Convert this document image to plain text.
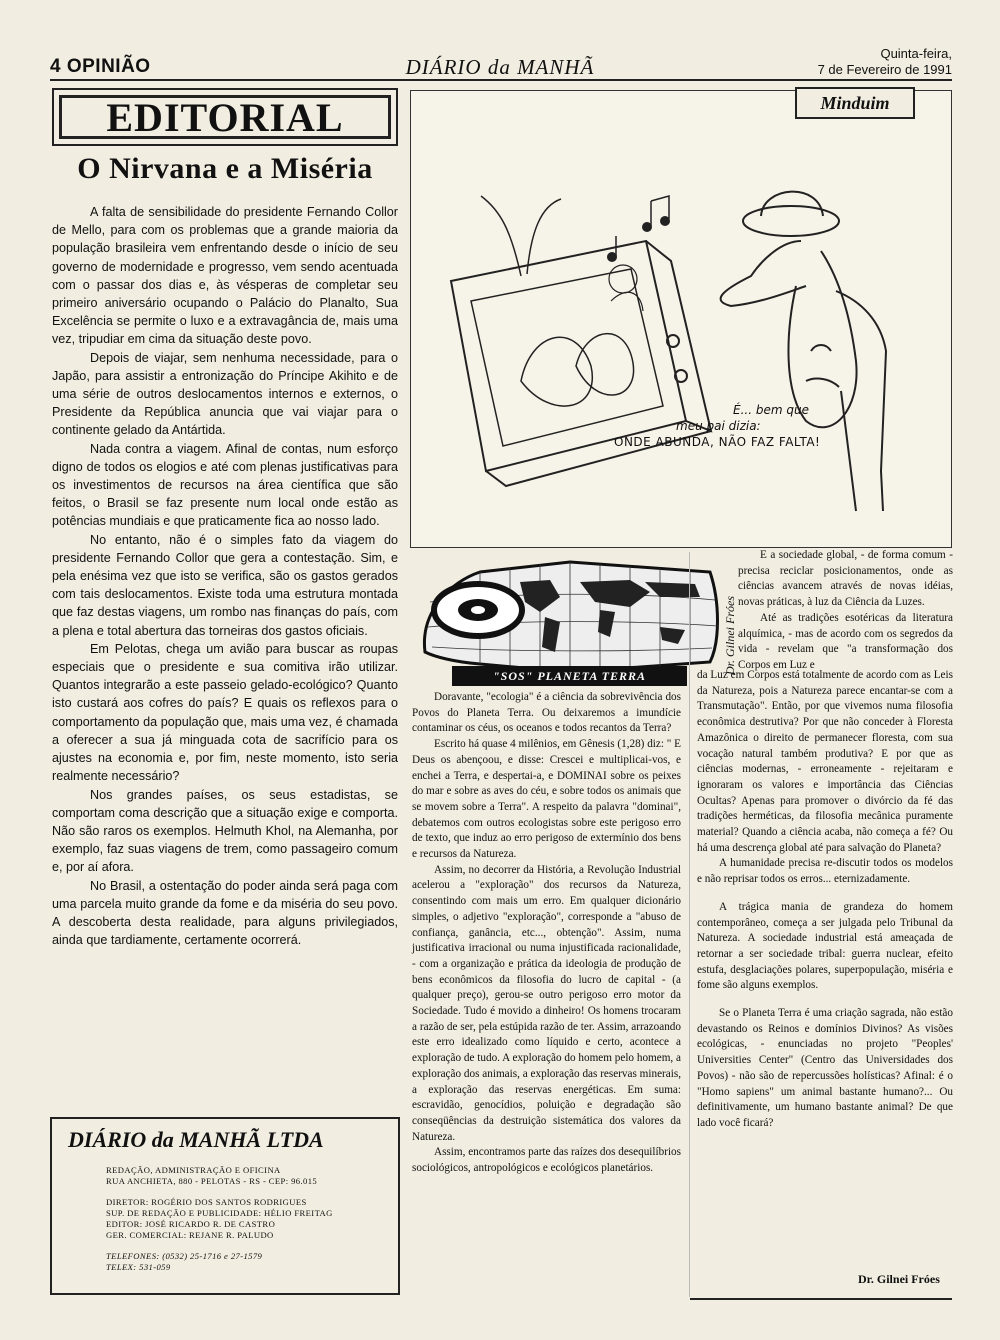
4 OPINIÃO	DIÁRIO da MANHÃ
Quinta-feira,
7 de Fevereiro de 1991
EDITORIAL
O Nirvana e a Miséria

A falta de sensibilidade do presidente Fernando Collor de Mello, para com os problemas que a grande maioria da população brasileira vem enfrentando desde o início de seu governo de modernidade e progresso, vem sendo acentuada com o passar dos dias e, às vésperas de completar seu primeiro aniversário ocupando o Palácio do Planalto, Sua Excelência se permite o luxo e a extravagância de, mais uma vez, tripudiar em cima da situação deste povo.

Depois de viajar, sem nenhuma necessidade, para o Japão, para assistir a entronização do Príncipe Akihito e de uma série de outros deslocamentos internos e externos, o Presidente da República anuncia que vai viajar para o continente gelado da Antártida.

Nada contra a viagem. Afinal de contas, num esforço digno de todos os elogios e até com plenas justificativas para os investimentos de recursos na área científica que são feitos, o Brasil se faz presente num local onde estão as potências mundiais e que praticamente fica ao nosso lado.

No entanto, não é o simples fato da viagem do presidente Fernando Collor que gera a contestação. Sim, e pela enésima vez que isto se verifica, são os gastos gerados com tais deslocamentos. Existe toda uma estrutura montada que faz destas viagens, um rombo nas finanças do país, com a plena e total abertura das torneiras dos gastos oficiais.

Em Pelotas, chega um avião para buscar as roupas especiais que o presidente e sua comitiva irão utilizar. Quantos integrarão a este passeio gelado-ecológico? Quanto isto custará aos cofres do país? E quais os reflexos para o comportamento da população que, mais uma vez, é chamada a oferecer a sua já minguada cota de sacrifício para os ajustes na economia e, por fim, neste momento, isto seria realmente necessário?

Nos grandes países, os seus estadistas, se comportam coma descrição que a situação exige e comporta. Não são raros os exemplos. Helmuth Khol, na Alemanha, por exemplo, faz suas viagens de trem, como passageiro comum e, por aí afora.

No Brasil, a ostentação do poder ainda será paga com uma parcela muito grande da fome e da miséria do seu povo. A descoberta desta realidade, para alguns privilegiados, ainda que tardiamente, certamente ocorrerá.

DIÁRIO da MANHÃ LTDA
REDAÇÃO, ADMINISTRAÇÃO E OFICINA
RUA ANCHIETA, 880 - PELOTAS - RS - CEP: 96.015
DIRETOR: ROGÉRIO DOS SANTOS RODRIGUES
SUP. DE REDAÇÃO E PUBLICIDADE: HÉLIO FREITAG
EDITOR: JOSÉ RICARDO R. DE CASTRO
GER. COMERCIAL: REJANE R. PALUDO
TELEFONES: (0532) 25-1716 e 27-1579
TELEX: 531-059
É... bem que
meu pai dizia:
ONDE ABUNDA, NÃO FAZ FALTA!
Minduim
"SOS" PLANETA TERRA
Dr. Gilnei Fróes

E a sociedade global, - de forma comum - precisa reciclar posicionamentos, onde as ciências avancem através de novas idéias, novas práticas, à luz da Ciência da Luzes.

Até as tradições esotéricas da literatura alquímica, - mas de acordo com os segredos da vida - revelam que "a transformação dos Corpos em Luz e

Doravante, "ecologia" é a ciência da sobrevivência dos Povos do Planeta Terra. Ou deixaremos a imundície contaminar os céus, os oceanos e todos recantos da Terra?

Escrito há quase 4 milênios, em Gênesis (1,28) diz: " E Deus os abençoou, e disse: Crescei e multiplicai-vos, e enchei a Terra, e despertai-a, e DOMINAI sobre os peixes do mar e sobre as aves do céu, e sobre todos os animais que se movem sobre a Terra". A respeito da palavra "dominai", debatemos com outros ecologistas sobre este perigoso erro de texto, que induz ao erro perigoso de extermínio dos bens e recursos da Natureza.

Assim, no decorrer da História, a Revolução Industrial acelerou a "exploração" dos recursos da Natureza, consentindo com mais um erro. Em qualquer dicionário simples, o adjetivo "exploração", corresponde a "abuso de confiança, ganância, etc..., obtenção". Assim, numa justificativa irracional ou numa injustificada racionalidade, - com a organização e prática da ideologia de produção de bens econômicos da filosofia do lucro de capital - (a qualquer preço), gerou-se outro perigoso erro motor da Sociedade. Tudo é movido a dinheiro! Os homens trocaram a razão de ser, pela estúpida razão de ter. Assim, arrazoando este erro idealizado como líquido e certo, acontece a exploração de tudo. A exploração do homem pelo homem, a exploração dos animais, a exploração das reservas minerais, a exploração das reservas energéticas. Em suma: escravidão, genocídios, poluição e degradação são conseqüências da destruição sistemática dos valores da Natureza.

Assim, encontramos parte das raízes dos desequilíbrios sociológicos, antropológicos e ecológicos planetários.

da Luz em Corpos está totalmente de acordo com as Leis da Natureza, pois a Natureza parece encantar-se com a Transmutação". Então, por que vivemos numa filosofia econômica destrutiva? Por que não conceder à Floresta Amazônica o direito de permanecer floresta, com sua vocação natural também produtiva? E por que as ciências modernas, - erroneamente - rejeitaram e ignoraram os valores e importância das Ciências Ocultas? Apenas para promover o divórcio da fé das tradições herméticas, da filosofia mecânica puramente material? Quando a ciência acaba, não começa a fé? Ou há uma descrença global até para salvação do Planeta?

A humanidade precisa re-discutir todos os modelos e não reprisar todos os erros... eternizadamente.

A trágica mania de grandeza do homem contemporâneo, começa a ser julgada pelo Tribunal da Natureza. A sociedade industrial está ameaçada de retornar a ser sociedade tribal: guerra nuclear, efeito estufa, desglaciações polares, superpopulação, miséria e fome são alguns exemplos.

Se o Planeta Terra é uma criação sagrada, não estão devastando os Reinos e domínios Divinos? As visões ecológicas, - enunciadas no projeto "Peoples' Universities Center" (Centro das Universidades dos Povos) - não são de repercussões holísticas? Afinal: é o "Homo sapiens" um animal bastante humano?... Ou definitivamente, um humano bastante animal? De que lado você ficará?

Dr. Gilnei Fróes
